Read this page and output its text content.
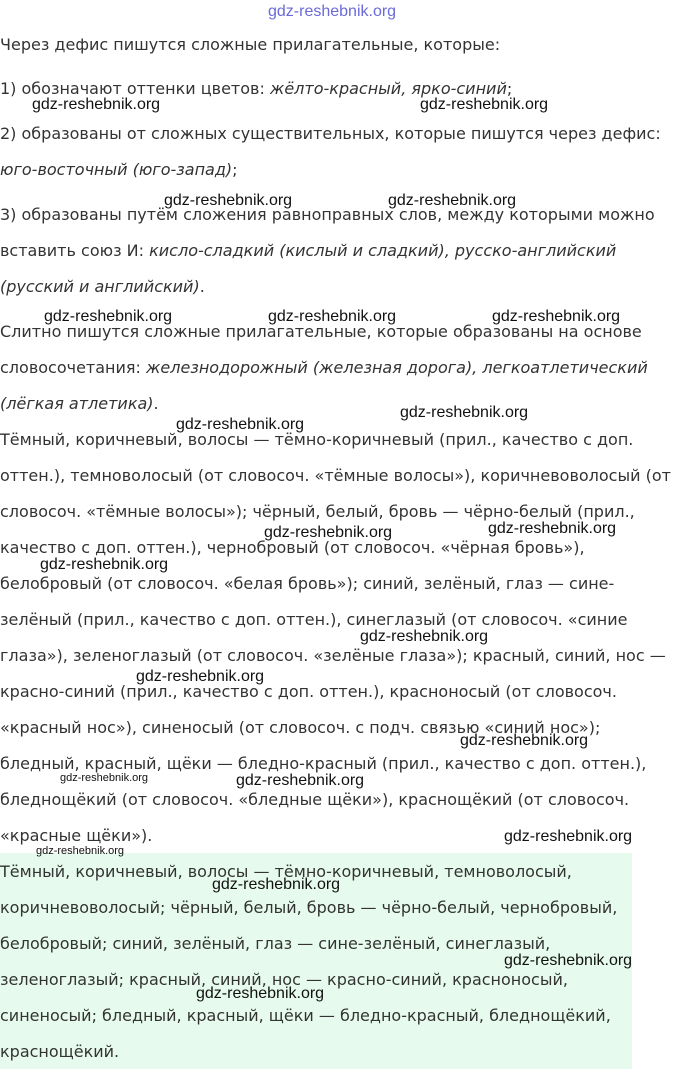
Через дефис пишутся сложные прилагательные, которые:

1) обозначают оттенки цветов: жёлто-красный, ярко-синий;

2) образованы от сложных существительных, которые пишутся через дефис:

юго-восточный (юго-запад);

3) образованы путём сложения равноправных слов, между которыми можно

вставить союз И: кисло-сладкий (кислый и сладкий), русско-английский

(русский и английский).

Слитно пишутся сложные прилагательные, которые образованы на основе

словосочетания: железнодорожный (железная дорога), легкоатлетический

(лёгкая атлетика).

Тёмный, коричневый, волосы — тёмно-коричневый (прил., качество с доп.

оттен.), темноволосый (от словосоч. «тёмные волосы»), коричневоволосый (от

словосоч. «тёмные волосы»); чёрный, белый, бровь — чёрно-белый (прил.,

качество с доп. оттен.), чернобровый (от словосоч. «чёрная бровь»),

белобровый (от словосоч. «белая бровь»); синий, зелёный, глаз — сине-

зелёный (прил., качество с доп. оттен.), синеглазый (от словосоч. «синие

глаза»), зеленоглазый (от словосоч. «зелёные глаза»); красный, синий, нос —

красно-синий (прил., качество с доп. оттен.), красноносый (от словосоч.

«красный нос»), синеносый (от словосоч. с подч. связью «синий нос»);

бледный, красный, щёки — бледно-красный (прил., качество с доп. оттен.),

бледнощёкий (от словосоч. «бледные щёки»), краснощёкий (от словосоч.

«красные щёки»).

Тёмный, коричневый, волосы — тёмно-коричневый, темноволосый,

коричневоволосый; чёрный, белый, бровь — чёрно-белый, чернобровый,

белобровый; синий, зелёный, глаз — сине-зелёный, синеглазый,

зеленоглазый; красный, синий, нос — красно-синий, красноносый,

синеносый; бледный, красный, щёки — бледно-красный, бледнощёкий,

краснощёкий.

gdz-reshebnik.org
gdz-reshebnik.org	gdz-reshebnik.org
gdz-reshebnik.org	gdz-reshebnik.org
gdz-reshebnik.org	gdz-reshebnik.org	gdz-reshebnik.org
gdz-reshebnik.org
gdz-reshebnik.org
gdz-reshebnik.org
gdz-reshebnik.org
gdz-reshebnik.org
gdz-reshebnik.org
gdz-reshebnik.org
gdz-reshebnik.org
gdz-reshebnik.org	gdz-reshebnik.org
gdz-reshebnik.org
gdz-reshebnik.org
gdz-reshebnik.org
gdz-reshebnik.org
gdz-reshebnik.org
